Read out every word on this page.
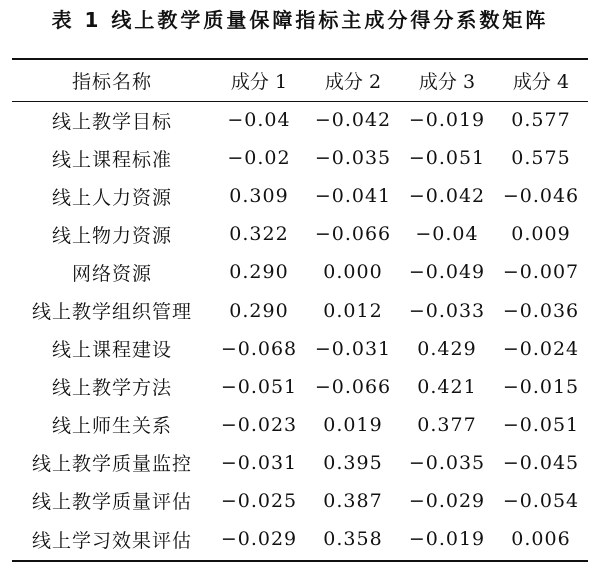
表 1 线上教学质量保障指标主成分得分系数矩阵
指标名称	成分 1	成分 2	成分 3	成分 4
线上教学目标	−0.04	−0.042	−0.019	0.577
线上课程标准	−0.02	−0.035	−0.051	0.575
线上人力资源	0.309	−0.041	−0.042	−0.046
线上物力资源	0.322	−0.066	−0.04	0.009
网络资源	0.290	0.000	−0.049	−0.007
线上教学组织管理	0.290	0.012	−0.033	−0.036
线上课程建设	−0.068	−0.031	0.429	−0.024
线上教学方法	−0.051	−0.066	0.421	−0.015
线上师生关系	−0.023	0.019	0.377	−0.051
线上教学质量监控	−0.031	0.395	−0.035	−0.045
线上教学质量评估	−0.025	0.387	−0.029	−0.054
线上学习效果评估	−0.029	0.358	−0.019	0.006
